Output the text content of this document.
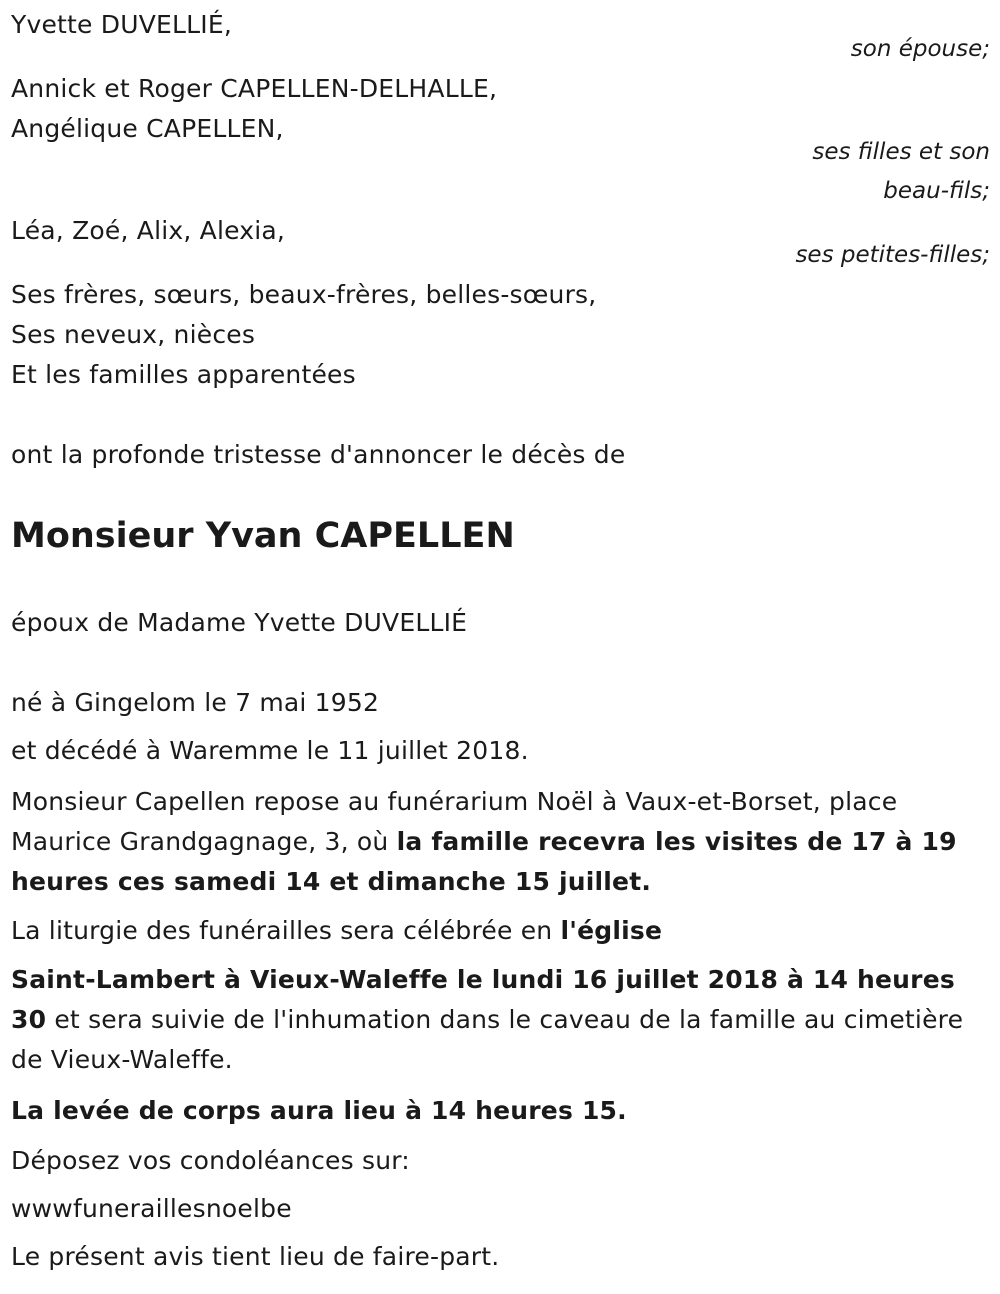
Yvette DUVELLIÉ,
son épouse;
Annick et Roger CAPELLEN-DELHALLE,
Angélique CAPELLEN,
ses filles et son
beau-fils;
Léa, Zoé, Alix, Alexia,
ses petites-filles;
Ses frères, sœurs, beaux-frères, belles-sœurs,
Ses neveux, nièces
Et les familles apparentées
ont la profonde tristesse d'annoncer le décès de
Monsieur Yvan CAPELLEN
époux de Madame Yvette DUVELLIÉ
né à Gingelom le 7 mai 1952
et décédé à Waremme le 11 juillet 2018.
Monsieur Capellen repose au funérarium Noël à Vaux-et-Borset, place Maurice Grandgagnage, 3, où la famille recevra les visites de 17 à 19 heures ces samedi 14 et dimanche 15 juillet.
La liturgie des funérailles sera célébrée en l'église
Saint-Lambert à Vieux-Waleffe le lundi 16 juillet 2018 à 14 heures 30 et sera suivie de l'inhumation dans le caveau de la famille au cimetière de Vieux-Waleffe.
La levée de corps aura lieu à 14 heures 15.
Déposez vos condoléances sur:
wwwfuneraillesnoelbe
Le présent avis tient lieu de faire-part.
